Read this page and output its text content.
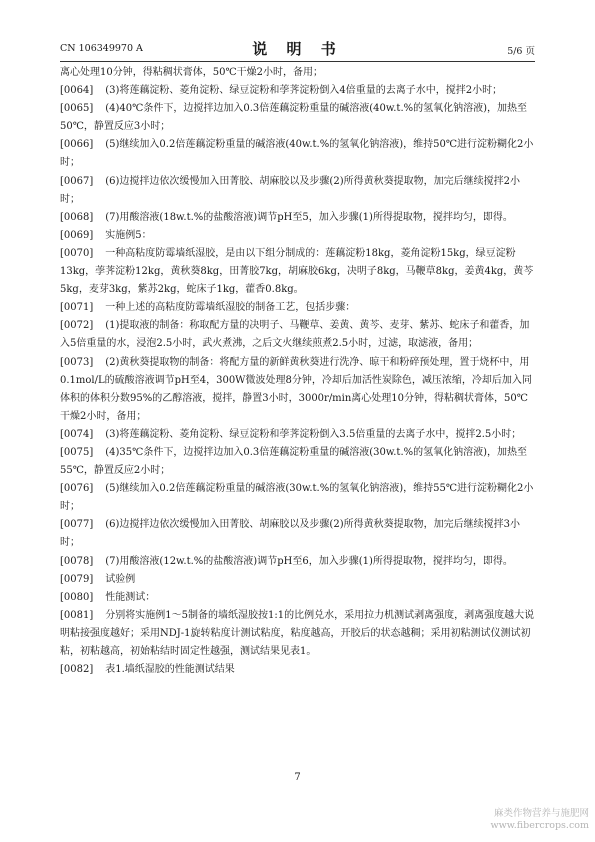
CN 106349970 A	说 明 书	5/6 页

离心处理10分钟，得粘稠状膏体，50℃干燥2小时，备用；

[0064] (3)将莲藕淀粉、菱角淀粉、绿豆淀粉和荸荠淀粉倒入4倍重量的去离子水中，搅拌2小时；

[0065] (4)40℃条件下，边搅拌边加入0.3倍莲藕淀粉重量的碱溶液(40w.t.%的氢氧化钠溶液)，加热至50℃，静置反应3小时；

[0066] (5)继续加入0.2倍莲藕淀粉重量的碱溶液(40w.t.%的氢氧化钠溶液)，维持50℃进行淀粉糊化2小时；

[0067] (6)边搅拌边依次缓慢加入田菁胶、胡麻胶以及步骤(2)所得黄秋葵提取物，加完后继续搅拌2小时；

[0068] (7)用酸溶液(18w.t.%的盐酸溶液)调节pH至5，加入步骤(1)所得提取物，搅拌均匀，即得。

[0069] 实施例5：

[0070] 一种高粘度防霉墙纸湿胶，是由以下组分制成的：莲藕淀粉18kg，菱角淀粉15kg，绿豆淀粉13kg，荸荠淀粉12kg，黄秋葵8kg，田菁胶7kg，胡麻胶6kg，决明子8kg，马鞭草8kg，姜黄4kg，黄芩5kg，麦芽3kg，紫苏2kg，蛇床子1kg，藿香0.8kg。

[0071] 一种上述的高粘度防霉墙纸湿胶的制备工艺，包括步骤：

[0072] (1)提取液的制备：称取配方量的决明子、马鞭草、姜黄、黄芩、麦芽、紫苏、蛇床子和藿香，加入5倍重量的水，浸泡2.5小时，武火煮沸，之后文火继续煎煮2.5小时，过滤，取滤液，备用；

[0073] (2)黄秋葵提取物的制备：将配方量的新鲜黄秋葵进行洗净、晾干和粉碎预处理，置于烧杯中，用0.1mol/L的硫酸溶液调节pH至4，300W微波处理8分钟，冷却后加活性炭除色，减压浓缩，冷却后加入同体积的体积分数95%的乙醇溶液，搅拌，静置3小时，3000r/min离心处理10分钟，得粘稠状膏体，50℃干燥2小时，备用；

[0074] (3)将莲藕淀粉、菱角淀粉、绿豆淀粉和荸荠淀粉倒入3.5倍重量的去离子水中，搅拌2.5小时；

[0075] (4)35℃条件下，边搅拌边加入0.3倍莲藕淀粉重量的碱溶液(30w.t.%的氢氧化钠溶液)，加热至55℃，静置反应2小时；

[0076] (5)继续加入0.2倍莲藕淀粉重量的碱溶液(30w.t.%的氢氧化钠溶液)，维持55℃进行淀粉糊化2小时；

[0077] (6)边搅拌边依次缓慢加入田菁胶、胡麻胶以及步骤(2)所得黄秋葵提取物，加完后继续搅拌3小时；

[0078] (7)用酸溶液(12w.t.%的盐酸溶液)调节pH至6，加入步骤(1)所得提取物，搅拌均匀，即得。

[0079] 试验例

[0080] 性能测试：

[0081] 分别将实施例1～5制备的墙纸湿胶按1:1的比例兑水，采用拉力机测试剥离强度，剥离强度越大说明粘接强度越好；采用NDJ-1旋转粘度计测试粘度，粘度越高，开胶后的状态越稠；采用初粘测试仪测试初粘，初粘越高，初始粘结时固定性越强，测试结果见表1。

[0082] 表1.墙纸湿胶的性能测试结果

7
麻类作物营养与施肥网
www.fibercrops.com
